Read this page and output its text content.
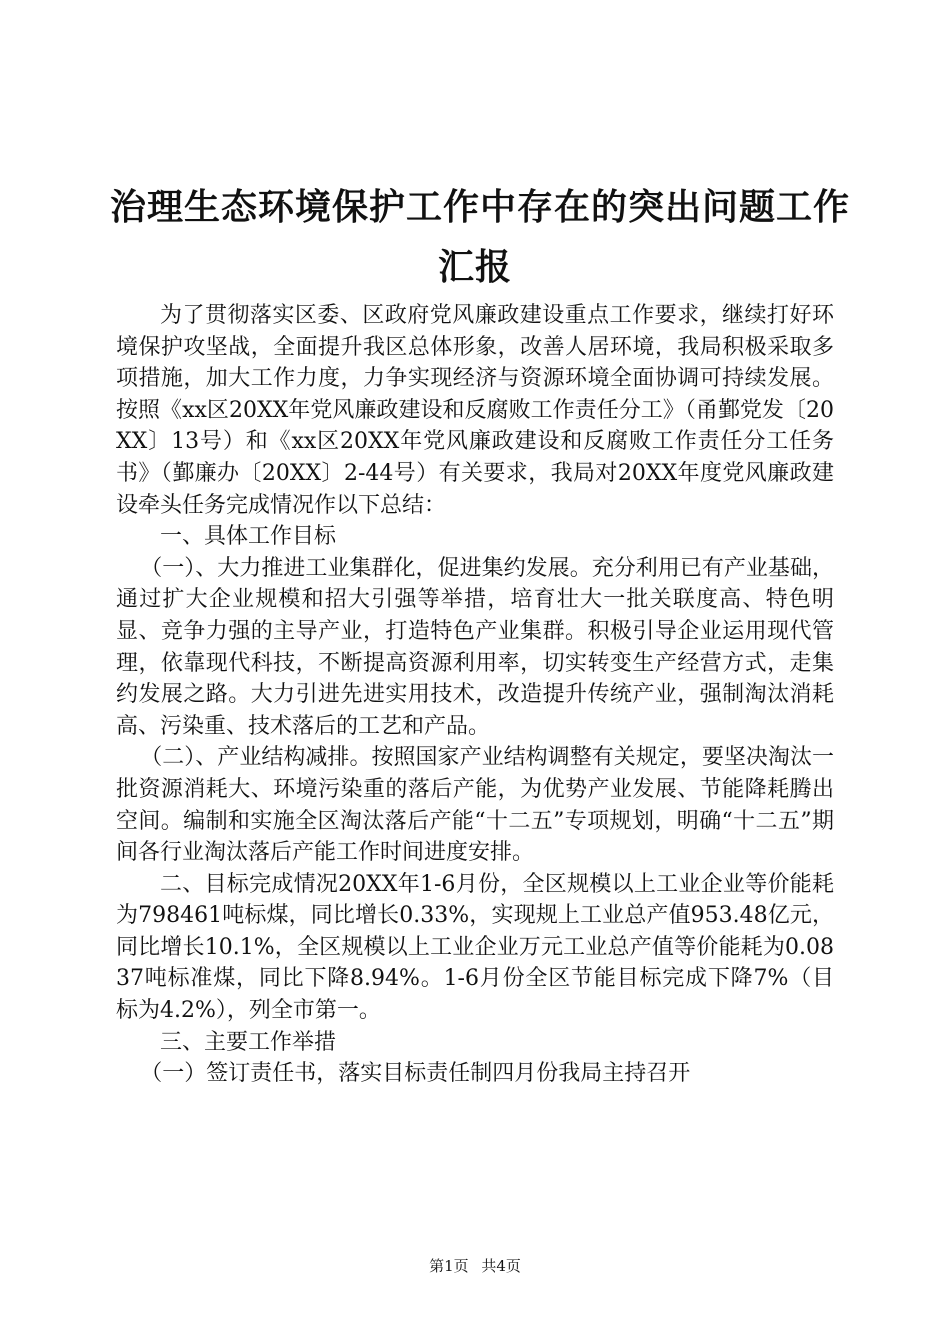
治理生态环境保护工作中存在的突出问题工作
汇报

为了贯彻落实区委、区政府党风廉政建设重点工作要求，继续打好环境保护攻坚战，全面提升我区总体形象，改善人居环境，我局积极采取多项措施，加大工作力度，力争实现经济与资源环境全面协调可持续发展。按照《xx区20XX年党风廉政建设和反腐败工作责任分工》（甬鄞党发〔20XX〕13号）和《xx区20XX年党风廉政建设和反腐败工作责任分工任务书》（鄞廉办〔20XX〕2-44号）有关要求，我局对20XX年度党风廉政建设牵头任务完成情况作以下总结：

一、具体工作目标

（一）、大力推进工业集群化，促进集约发展。充分利用已有产业基础，通过扩大企业规模和招大引强等举措，培育壮大一批关联度高、特色明显、竞争力强的主导产业，打造特色产业集群。积极引导企业运用现代管理，依靠现代科技，不断提高资源利用率，切实转变生产经营方式，走集约发展之路。大力引进先进实用技术，改造提升传统产业，强制淘汰消耗高、污染重、技术落后的工艺和产品。

（二）、产业结构减排。按照国家产业结构调整有关规定，要坚决淘汰一批资源消耗大、环境污染重的落后产能，为优势产业发展、节能降耗腾出空间。编制和实施全区淘汰落后产能“十二五”专项规划，明确“十二五”期间各行业淘汰落后产能工作时间进度安排。

二、目标完成情况20XX年1-6月份，全区规模以上工业企业等价能耗为798461吨标煤，同比增长0.33%，实现规上工业总产值953.48亿元，同比增长10.1%，全区规模以上工业企业万元工业总产值等价能耗为0.0837吨标准煤，同比下降8.94%。1-6月份全区节能目标完成下降7%（目标为4.2%），列全市第一。

三、主要工作举措

（一）签订责任书，落实目标责任制四月份我局主持召开

第1页 共4页
